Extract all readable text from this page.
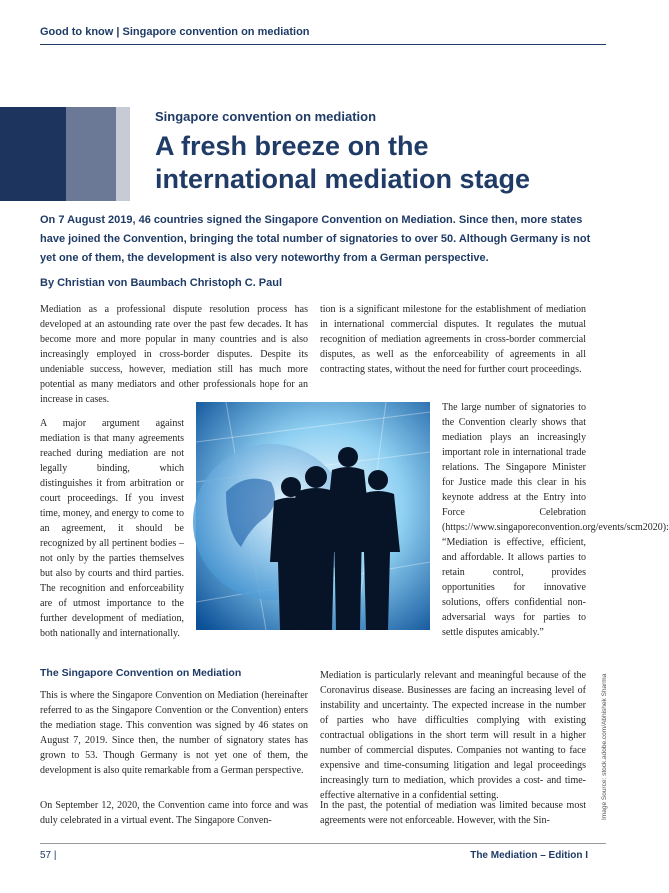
Good to know | Singapore convention on mediation
Singapore convention on mediation
A fresh breeze on the international mediation stage

On 7 August 2019, 46 countries signed the Singapore Convention on Mediation. Since then, more states have joined the Convention, bringing the total number of signatories to over 50. Although Germany is not yet one of them, the development is also very noteworthy from a German perspective.

By Christian von Baumbach Christoph C. Paul

Mediation as a professional dispute resolution process has developed at an astounding rate over the past few decades. It has become more and more popular in many countries and is also increasingly employed in cross-border disputes. Despite its undeniable success, however, mediation still has much more potential as many mediators and other professionals hope for an increase in cases.

tion is a significant milestone for the establishment of mediation in international commercial disputes. It regulates the mutual recognition of mediation agreements in cross-border commercial disputes, as well as the enforceability of agreements in all contracting states, without the need for further court proceedings.

A major argument against mediation is that many agreements reached during mediation are not legally binding, which distinguishes it from arbitration or court proceedings. If you invest time, money, and energy to come to an agreement, it should be recognized by all pertinent bodies – not only by the parties themselves but also by courts and third parties. The recognition and enforceability are of utmost importance to the further development of mediation, both nationally and internationally.

The large number of signatories to the Convention clearly shows that mediation plays an increasingly important role in international trade relations. The Singapore Minister for Justice made this clear in his keynote address at the Entry into Force Celebration (https://www.singaporeconvention.org/events/scm2020): “Mediation is effective, efficient, and affordable. It allows parties to retain control, provides opportunities for innovative solutions, offers confidential non-adversarial ways for parties to settle disputes amicably.”

The Singapore Convention on Mediation

This is where the Singapore Convention on Mediation (hereinafter referred to as the Singapore Convention or the Convention) enters the mediation stage. This convention was signed by 46 states on August 7, 2019. Since then, the number of signatory states has grown to 53. Though Germany is not yet one of them, the development is also quite remarkable from a German perspective.

On September 12, 2020, the Convention came into force and was duly celebrated in a virtual event. The Singapore Conven-

Mediation is particularly relevant and meaningful because of the Coronavirus disease. Businesses are facing an increasing level of instability and uncertainty. The expected increase in the number of parties who have difficulties complying with existing contractual obligations in the short term will result in a higher number of commercial disputes. Companies not wanting to face expensive and time-consuming litigation and legal proceedings increasingly turn to mediation, which provides a cost- and time-effective alternative in a confidential setting.

In the past, the potential of mediation was limited because most agreements were not enforceable. However, with the Sin-

Image Source: stock.adobe.com/Abhishek Sharma
57 |	The Mediation – Edition I
